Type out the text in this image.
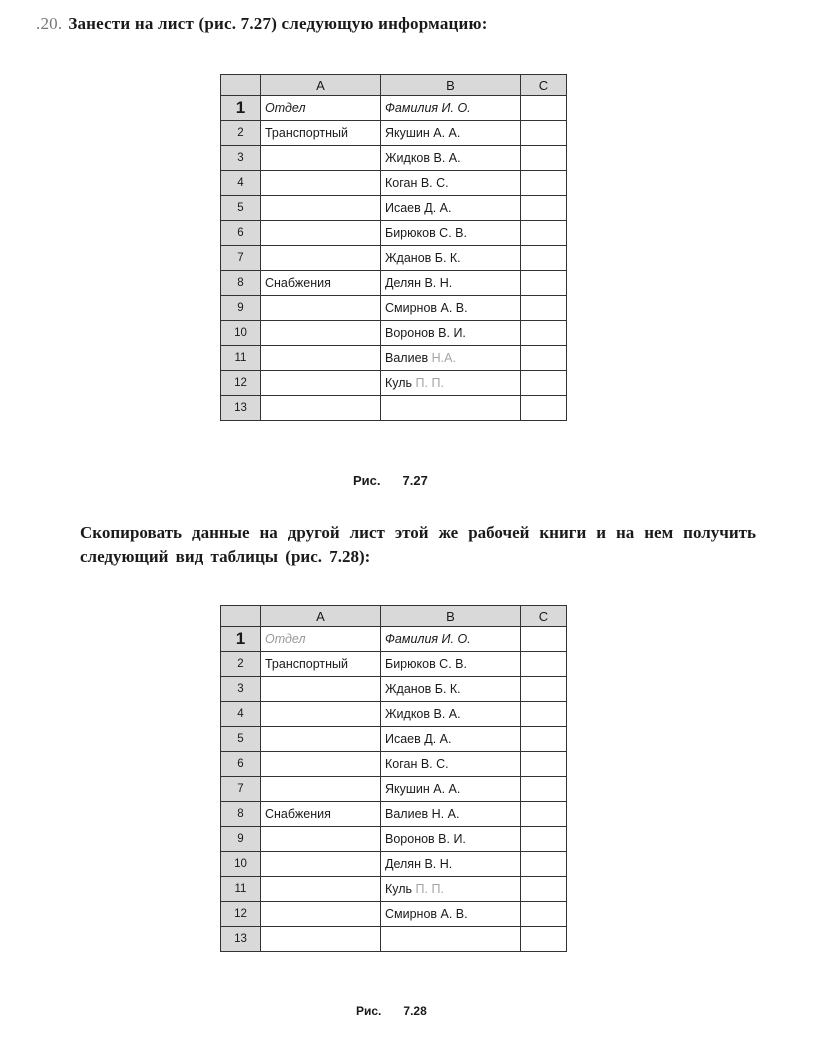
.20. Занести на лист (рис. 7.27) следующую информацию:
	A	B	C
1	Отдел	Фамилия И. О.	
2	Транспортный	Якушин А. А.	
3		Жидков В. А.	
4		Коган В. С.	
5		Исаев Д. А.	
6		Бирюков С. В.	
7		Жданов Б. К.	
8	Снабжения	Делян В. Н.	
9		Смирнов А. В.	
10		Воронов В. И.	
11		Валиев Н.А.	
12		Куль П. П.	
13			
Рис. 7.27
Скопировать данные на другой лист этой же рабочей книги и на нем получить следующий вид таблицы (рис. 7.28):
	A	B	C
1	Отдел	Фамилия И. О.	
2	Транспортный	Бирюков С. В.	
3		Жданов Б. К.	
4		Жидков В. А.	
5		Исаев Д. А.	
6		Коган В. С.	
7		Якушин А. А.	
8	Снабжения	Валиев Н. А.	
9		Воронов В. И.	
10		Делян В. Н.	
11		Куль П. П.	
12		Смирнов А. В.	
13			
Рис. 7.28
